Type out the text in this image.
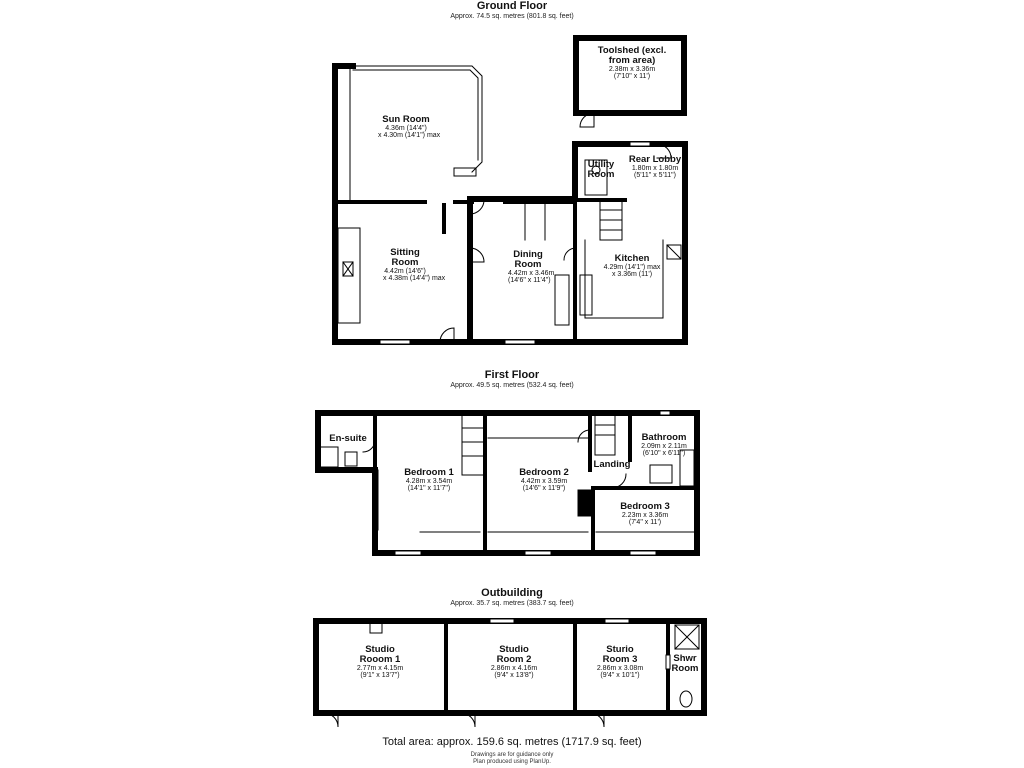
Ground Floor
Approx. 74.5 sq. metres (801.8 sq. feet)
First Floor
Approx. 49.5 sq. metres (532.4 sq. feet)
Outbuilding
Approx. 35.7 sq. metres (383.7 sq. feet)
Toolshed (excl. from area)
2.38m x 3.36m
(7'10" x 11')
Sun Room
4.36m (14'4")
x 4.30m (14'1") max
Utility Room
Rear Lobby
1.80m x 1.80m
(5'11" x 5'11")
Sitting Room
4.42m (14'6")
x 4.38m (14'4") max
Dining Room
4.42m x 3.46m
(14'6" x 11'4")
Kitchen
4.29m (14'1") max
x 3.36m (11')
En-suite
Bedroom 1
4.28m x 3.54m
(14'1" x 11'7")
Bedroom 2
4.42m x 3.59m
(14'6" x 11'9")
Landing
Bathroom
2.09m x 2.11m
(6'10" x 6'11")
Bedroom 3
2.23m x 3.36m
(7'4" x 11')
Studio Rooom 1
2.77m x 4.15m
(9'1" x 13'7")
Studio Room 2
2.86m x 4.16m
(9'4" x 13'8")
Sturio Room 3
2.86m x 3.08m
(9'4" x 10'1")
Shwr Room
Total area: approx. 159.6 sq. metres (1717.9 sq. feet)
Drawings are for guidance only
Plan produced using PlanUp.
